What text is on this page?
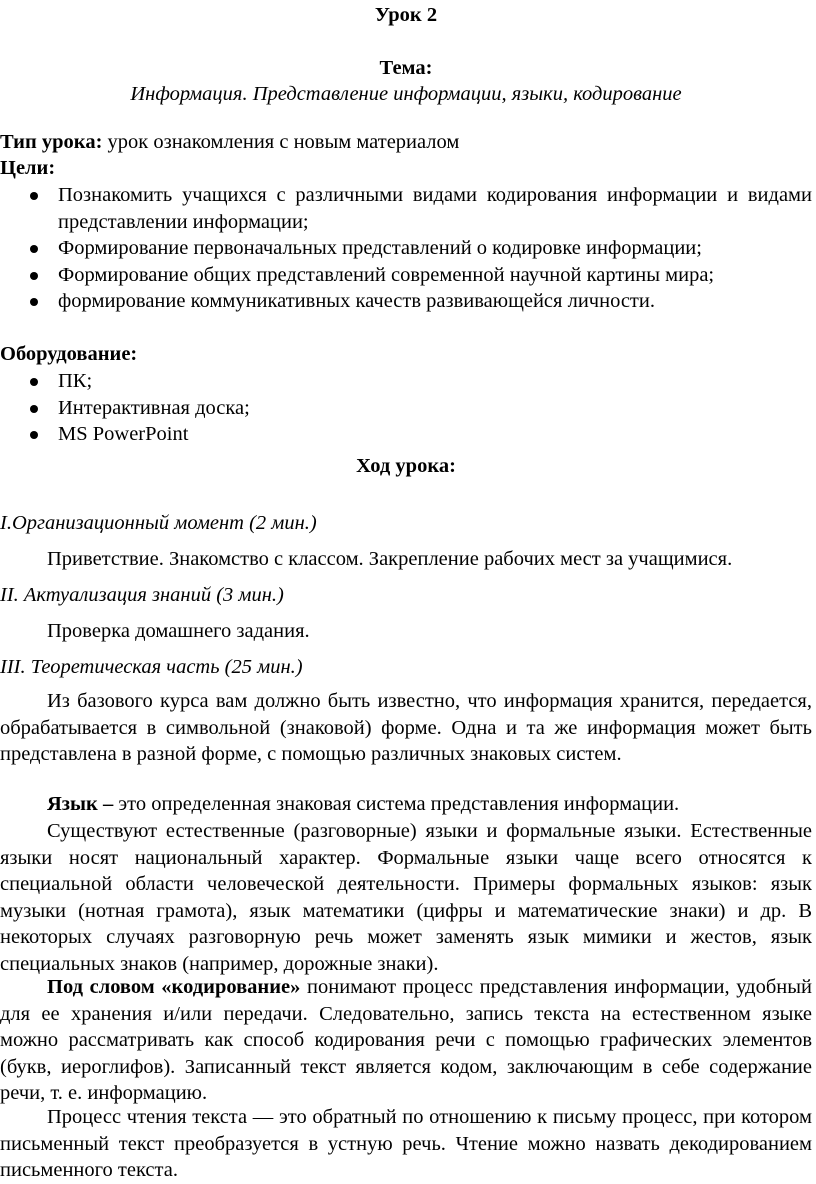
Урок 2
Тема:
Информация. Представление информации, языки, кодирование
Тип урока: урок ознакомления с новым материалом
Цели:
Познакомить учащихся с различными видами кодирования информации и видами представлении информации;
Формирование первоначальных представлений о кодировке информации;
Формирование общих представлений современной научной картины мира;
формирование коммуникативных качеств развивающейся личности.
Оборудование:
ПК;
Интерактивная доска;
MS PowerPoint
Ход урока:
I.Организационный момент (2 мин.)
Приветствие. Знакомство с классом. Закрепление рабочих мест за учащимися.
II. Актуализация знаний (3 мин.)
Проверка домашнего задания.
III. Теоретическая часть (25 мин.)

Из базового курса вам должно быть известно, что информация хранится, передается, обрабатывается в символьной (знаковой) форме. Одна и та же информация может быть представлена в разной форме, с помощью различных знаковых систем.

Язык – это определенная знаковая система представления информации.

Существуют естественные (разговорные) языки и формальные языки. Естественные языки носят национальный характер. Формальные языки чаще всего относятся к специальной области человеческой деятельности. Примеры формальных языков: язык музыки (нотная грамота), язык математики (цифры и математические знаки) и др. В некоторых случаях разговорную речь может заменять язык мимики и жестов, язык специальных знаков (например, дорожные знаки).

Под словом «кодирование» понимают процесс представления информации, удобный для ее хранения и/или передачи. Следовательно, запись текста на естественном языке можно рассматривать как способ кодирования речи с помощью графических элементов (букв, иероглифов). Записанный текст является кодом, заключающим в себе содержание речи, т. е. информацию.

Процесс чтения текста — это обратный по отношению к письму процесс, при котором письменный текст преобразуется в устную речь. Чтение можно назвать декодированием письменного текста.
